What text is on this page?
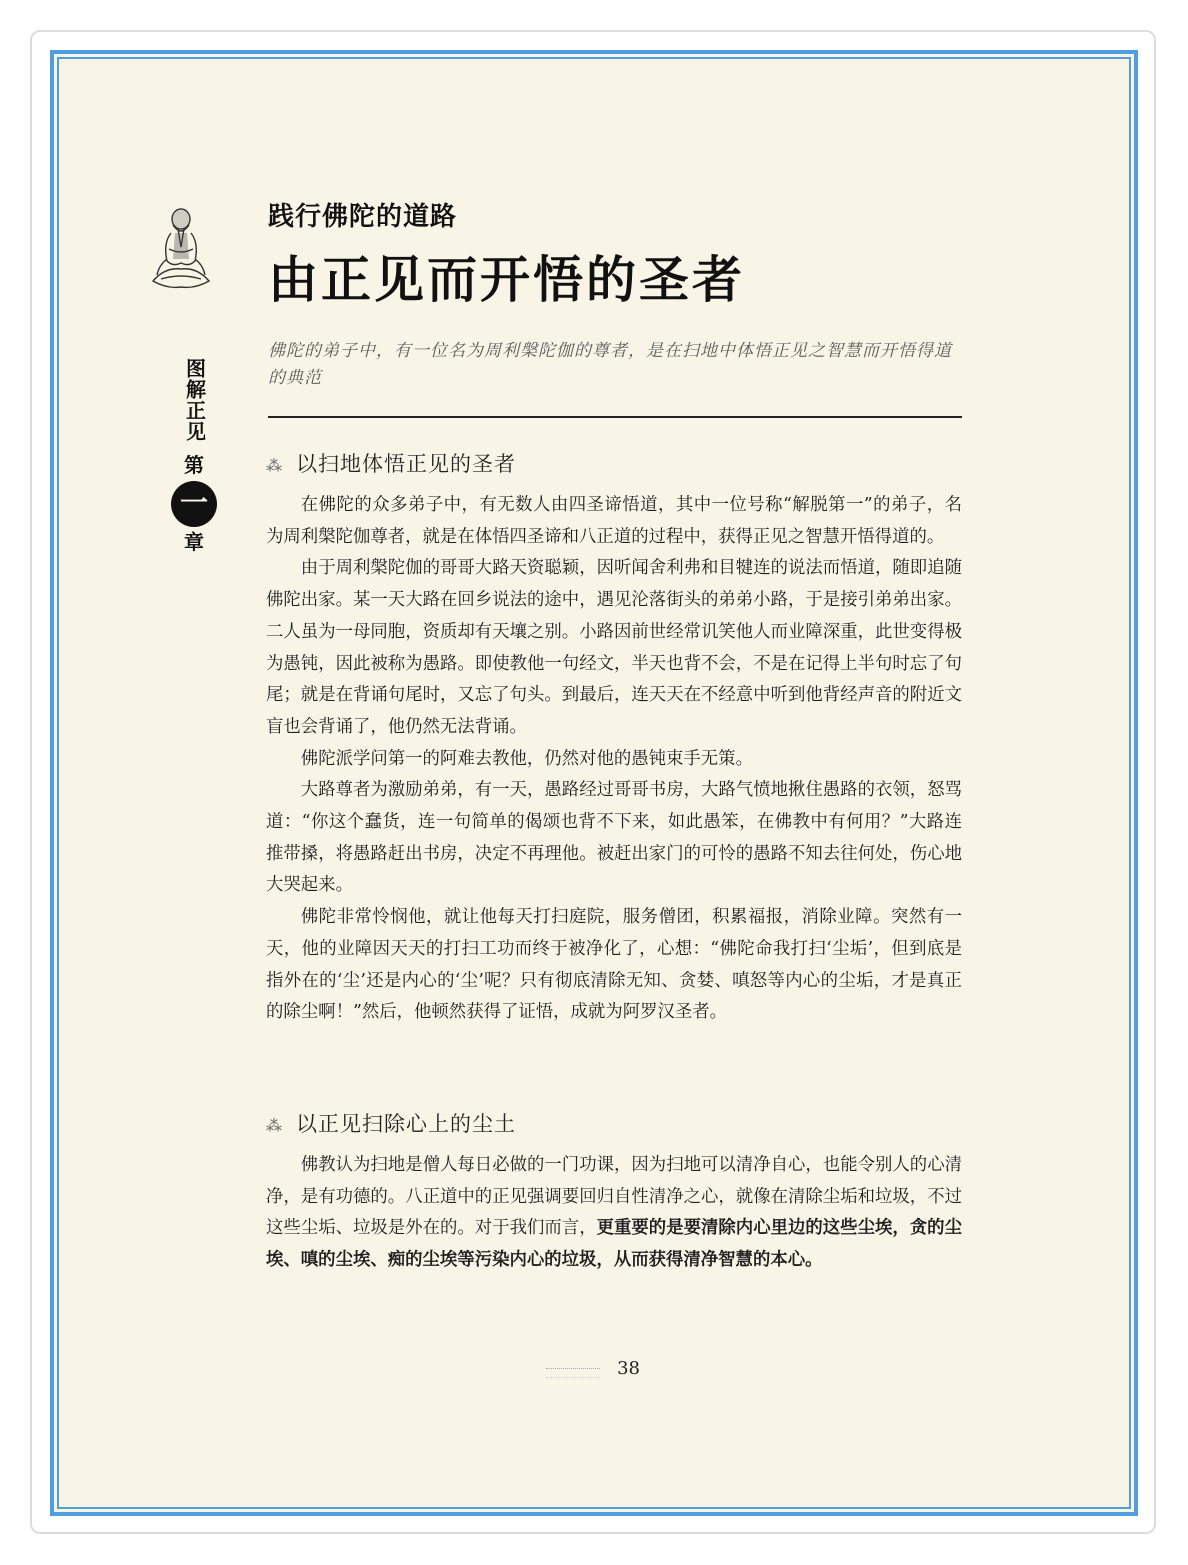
图解正见
第
一
章
践行佛陀的道路
由正见而开悟的圣者
佛陀的弟子中，有一位名为周利槃陀伽的尊者，是在扫地中体悟正见之智慧而开悟得道的典范
⁂ 以扫地体悟正见的圣者

在佛陀的众多弟子中，有无数人由四圣谛悟道，其中一位号称“解脱第一”的弟子，名为周利槃陀伽尊者，就是在体悟四圣谛和八正道的过程中，获得正见之智慧开悟得道的。

由于周利槃陀伽的哥哥大路天资聪颖，因听闻舍利弗和目犍连的说法而悟道，随即追随佛陀出家。某一天大路在回乡说法的途中，遇见沦落街头的弟弟小路，于是接引弟弟出家。二人虽为一母同胞，资质却有天壤之别。小路因前世经常讥笑他人而业障深重，此世变得极为愚钝，因此被称为愚路。即使教他一句经文，半天也背不会，不是在记得上半句时忘了句尾；就是在背诵句尾时，又忘了句头。到最后，连天天在不经意中听到他背经声音的附近文盲也会背诵了，他仍然无法背诵。

佛陀派学问第一的阿难去教他，仍然对他的愚钝束手无策。

大路尊者为激励弟弟，有一天，愚路经过哥哥书房，大路气愤地揪住愚路的衣领，怒骂道：“你这个蠢货，连一句简单的偈颂也背不下来，如此愚笨，在佛教中有何用？”大路连推带搡，将愚路赶出书房，决定不再理他。被赶出家门的可怜的愚路不知去往何处，伤心地大哭起来。

佛陀非常怜悯他，就让他每天打扫庭院，服务僧团，积累福报，消除业障。突然有一天，他的业障因天天的打扫工功而终于被净化了，心想：“佛陀命我打扫‘尘垢’，但到底是指外在的‘尘’还是内心的‘尘’呢？只有彻底清除无知、贪婪、嗔怒等内心的尘垢，才是真正的除尘啊！”然后，他顿然获得了证悟，成就为阿罗汉圣者。

⁂ 以正见扫除心上的尘土

佛教认为扫地是僧人每日必做的一门功课，因为扫地可以清净自心，也能令别人的心清净，是有功德的。八正道中的正见强调要回归自性清净之心，就像在清除尘垢和垃圾，不过这些尘垢、垃圾是外在的。对于我们而言，更重要的是要清除内心里边的这些尘埃，贪的尘埃、嗔的尘埃、痴的尘埃等污染内心的垃圾，从而获得清净智慧的本心。

38
